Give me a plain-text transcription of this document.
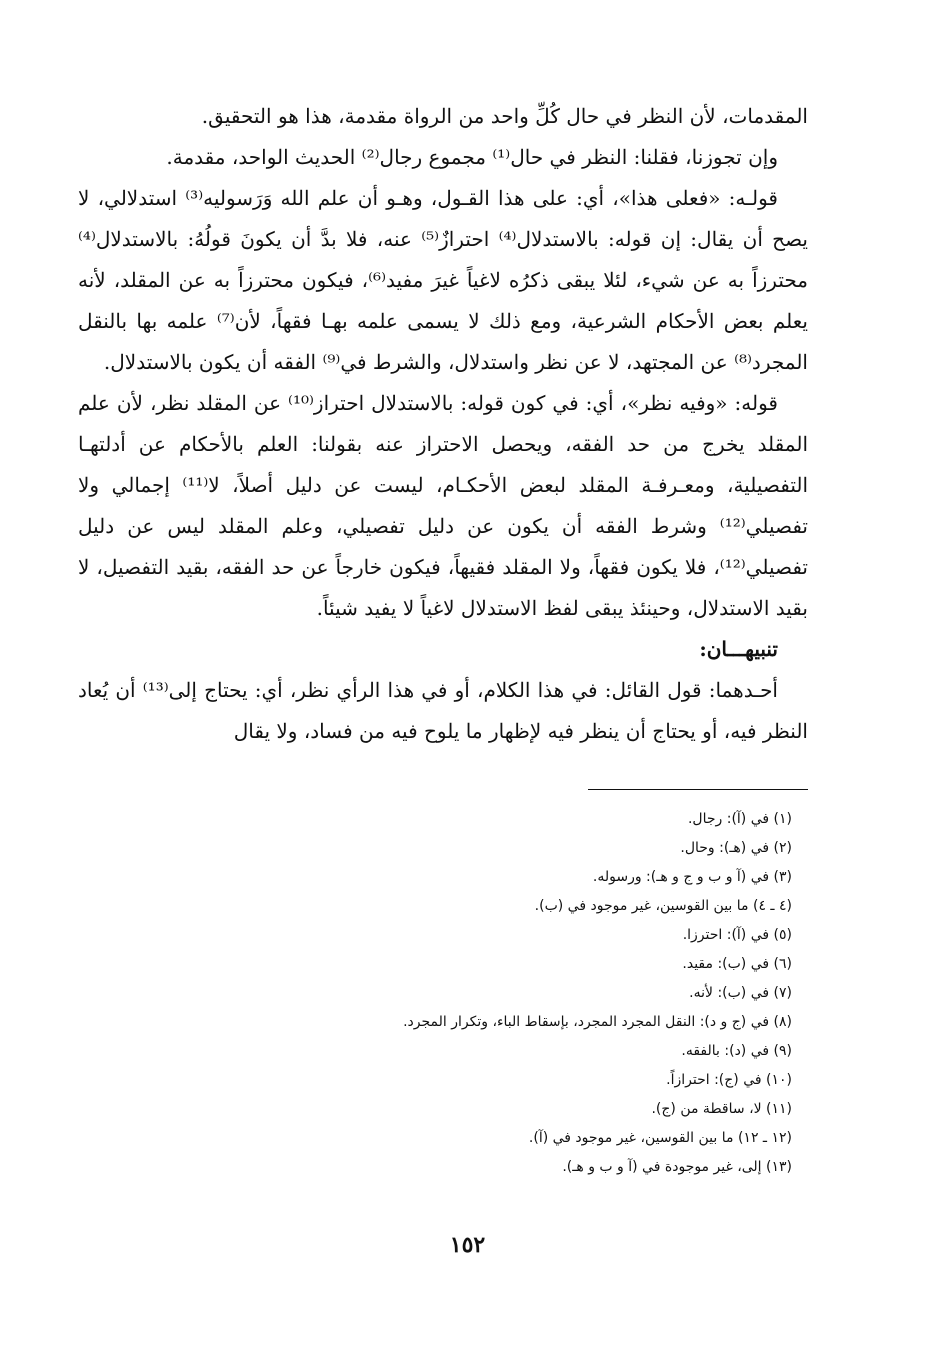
المقدمات، لأن النظر في حال كُلِّ واحد من الرواة مقدمة، هذا هو التحقيق.

وإن تجوزنا، فقلنا: النظر في حال⁽¹⁾ مجموع رجال⁽²⁾ الحديث الواحد، مقدمة.

قولـه: «فعلى هذا»، أي: على هذا القـول، وهـو أن علم الله وَرَسوليه⁽³⁾ استدلالي، لا يصح أن يقال: إن قوله: بالاستدلال⁽⁴⁾ احترازٌ⁽⁵⁾ عنه، فلا بدَّ أن يكونَ قولُهُ: بالاستدلال⁽⁴⁾ محترزاً به عن شيء، لئلا يبقى ذكرُه لاغياً غيرَ مفيد⁽⁶⁾، فيكون محترزاً به عن المقلد، لأنه يعلم بعض الأحكام الشرعية، ومع ذلك لا يسمى علمه بهـا فقهاً، لأن⁽⁷⁾ علمه بها بالنقل المجرد⁽⁸⁾ عن المجتهد، لا عن نظر واستدلال، والشرط في⁽⁹⁾ الفقه أن يكون بالاستدلال.

قوله: «وفيه نظر»، أي: في كون قوله: بالاستدلال احتراز⁽¹⁰⁾ عن المقلد نظر، لأن علم المقلد يخرج من حد الفقه، ويحصل الاحتراز عنه بقولنا: العلم بالأحكام عن أدلتهـا التفصيلية، ومعـرفـة المقلد لبعض الأحكـام، ليست عن دليل أصلاً، لا⁽¹¹⁾ إجمالي ولا تفصيلي⁽¹²⁾ وشرط الفقه أن يكون عن دليل تفصيلي، وعلم المقلد ليس عن دليل تفصيلي⁽¹²⁾، فلا يكون فقهاً، ولا المقلد فقيهاً، فيكون خارجاً عن حد الفقه، بقيد التفصيل، لا بقيد الاستدلال، وحينئذ يبقى لفظ الاستدلال لاغياً لا يفيد شيئاً.

تنبيهـــان:

أحـدهما: قول القائل: في هذا الكلام، أو في هذا الرأي نظر، أي: يحتاج إلى⁽¹³⁾ أن يُعاد النظر فيه، أو يحتاج أن ينظر فيه لإظهار ما يلوح فيه من فساد، ولا يقال

(١) في (آ): رجال.
(٢) في (هـ): وحال.
(٣) في (آ و ب و ج و هـ): ورسوله.
(٤ ـ ٤) ما بين القوسين، غير موجود في (ب).
(٥) في (آ): احترزا.
(٦) في (ب): مقيد.
(٧) في (ب): لأنه.
(٨) في (ج و د): النقل المجرد المجرد، بإسقاط الباء، وتكرار المجرد.
(٩) في (د): بالفقه.
(١٠) في (ج): احترازاً.
(١١) لا، ساقطة من (ج).
(١٢ ـ ١٢) ما بين القوسين، غير موجود في (آ).
(١٣) إلى، غير موجودة في (آ و ب و هـ).
١٥٢
